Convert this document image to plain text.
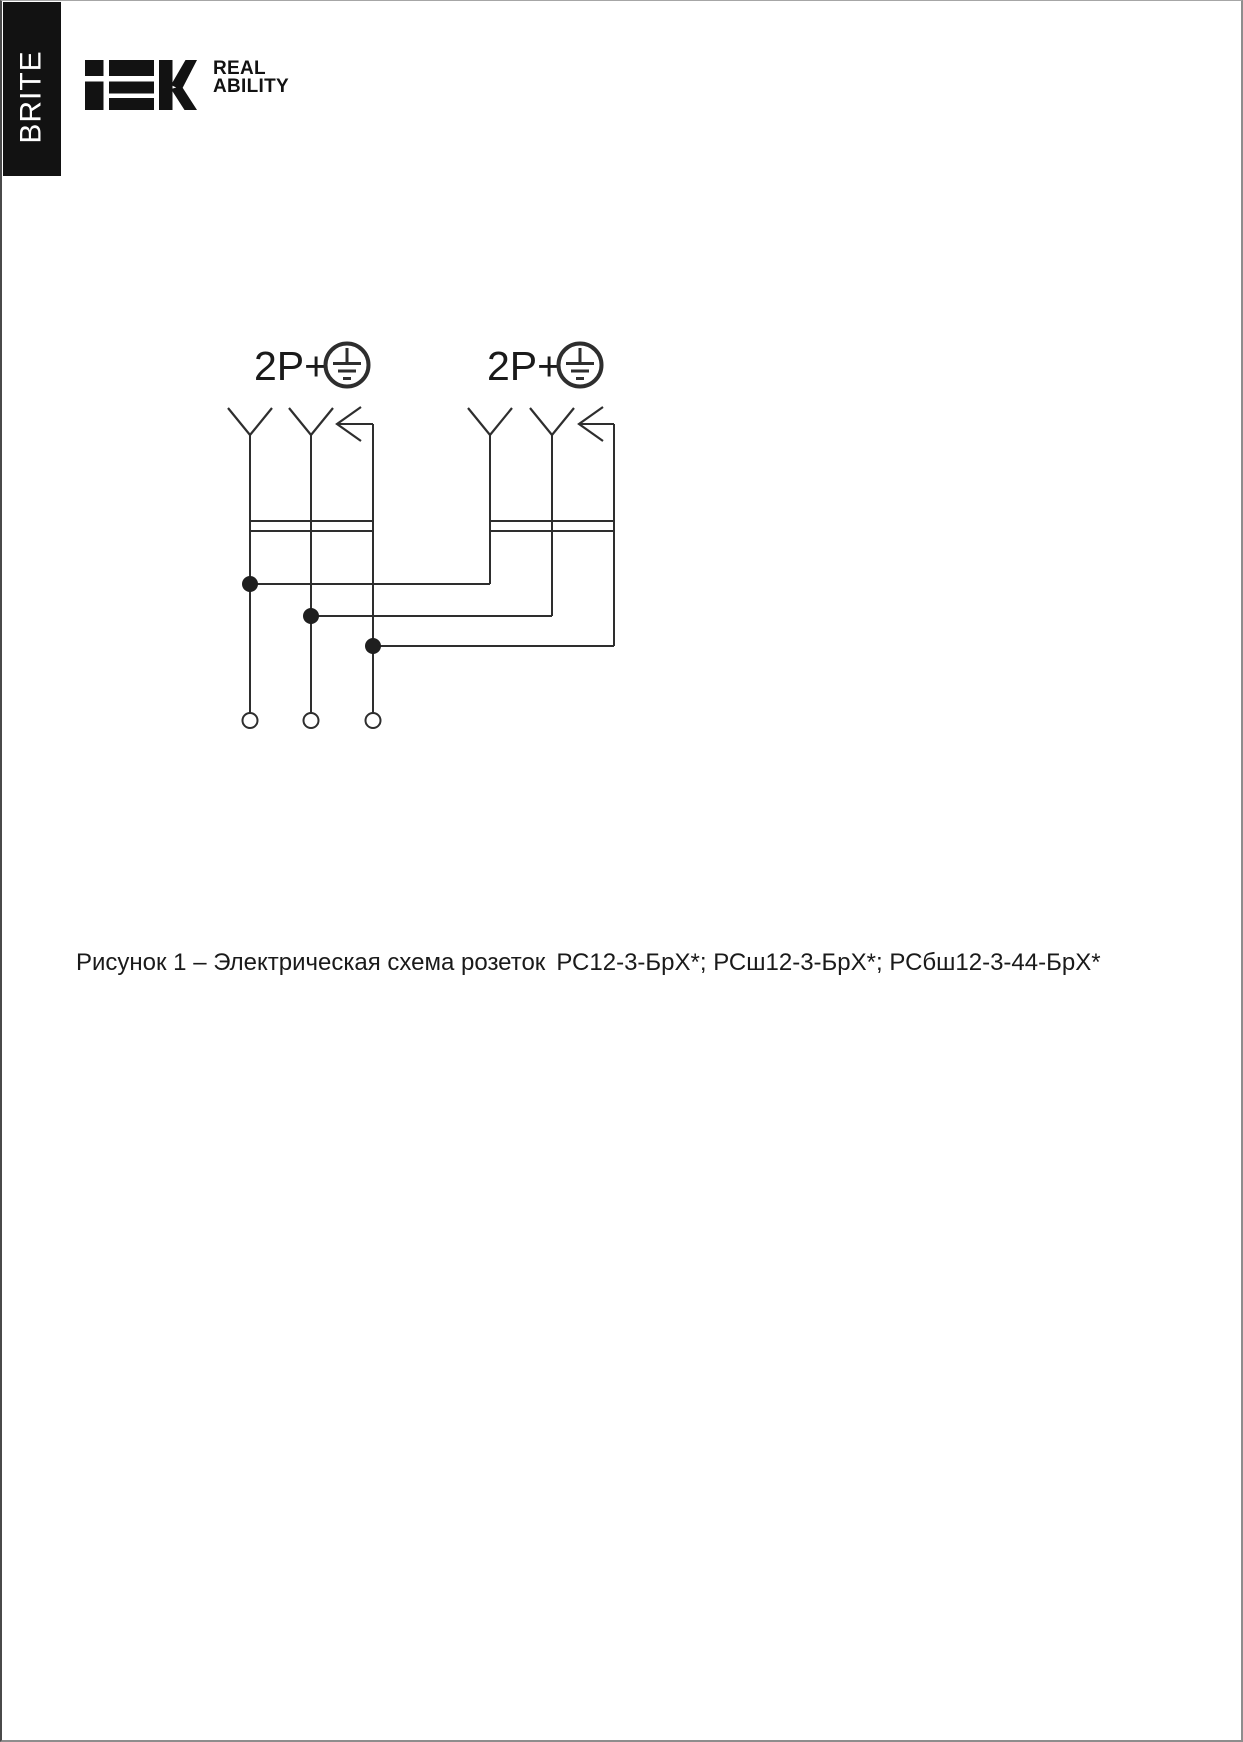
BRITE	REAL
ABILITY
2P+	2P+
Рисунок 1 – Электрическая схема розеток РС12-3-БрХ*; РСш12-3-БрХ*; РСбш12-3-44-БрХ*
